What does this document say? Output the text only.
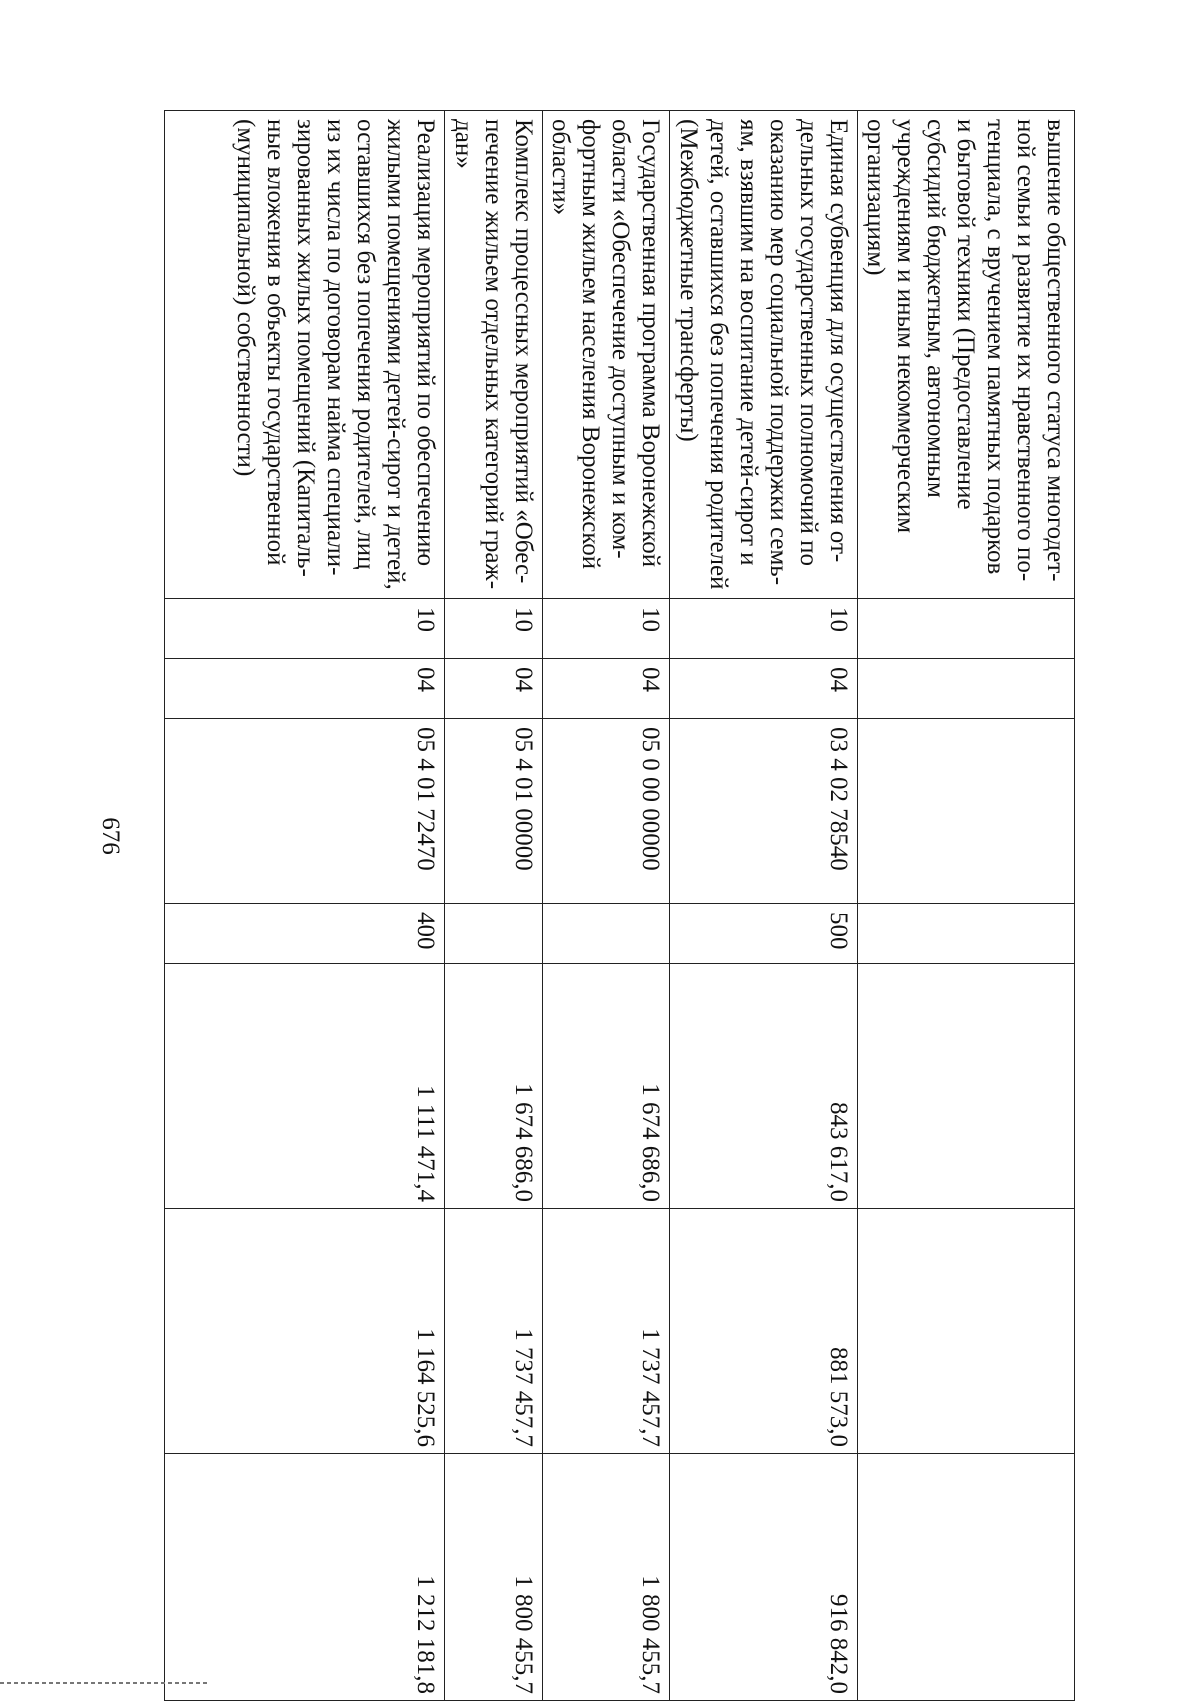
676
вышение общественного статуса многодет-ной семьи и развитие их нравственного по-тенциала, с вручением памятных подарков и бытовой техники (Предоставление субсидий бюджетным, автономным учреждениям и иным некоммерческим организациям)							
Единая субвенция для осуществления от-дельных государственных полномочий по оказанию мер социальной поддержки семь-ям, взявшим на воспитание детей-сирот и детей, оставшихся без попечения родителей (Межбюджетные трансферты)	10	04	03 4 02 78540	500	843 617,0	881 573,0	916 842,0
Государственная программа Воронежской области «Обеспечение доступным и ком-фортным жильем населения Воронежской области»	10	04	05 0 00 00000		1 674 686,0	1 737 457,7	1 800 455,7
Комплекс процессных мероприятий «Обес-печение жильем отдельных категорий граж-дан»	10	04	05 4 01 00000		1 674 686,0	1 737 457,7	1 800 455,7
Реализация мероприятий по обеспечению жилыми помещениями детей-сирот и детей, оставшихся без попечения родителей, лиц из их числа по договорам найма специали-зированных жилых помещений (Капиталь-ные вложения в объекты государственной (муниципальной) собственности)	10	04	05 4 01 72470	400	1 111 471,4	1 164 525,6	1 212 181,8
